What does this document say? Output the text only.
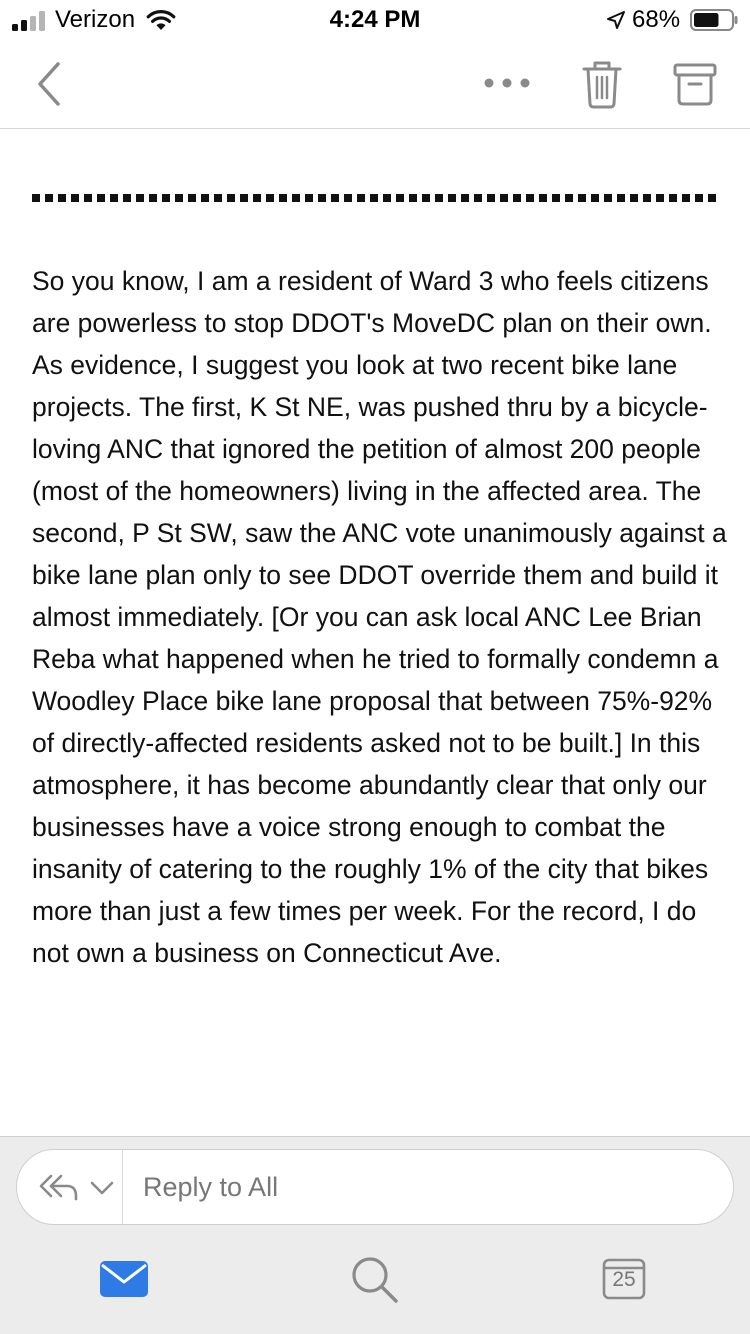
Verizon	4:24 PM	68%
So you know, I am a resident of Ward 3 who feels citizens are powerless to stop DDOT's MoveDC plan on their own. As evidence, I suggest you look at two recent bike lane projects. The first, K St NE, was pushed thru by a bicycle-loving ANC that ignored the petition of almost 200 people (most of the homeowners) living in the affected area. The second, P St SW, saw the ANC vote unanimously against a bike lane plan only to see DDOT override them and build it almost immediately. [Or you can ask local ANC Lee Brian Reba what happened when he tried to formally condemn a Woodley Place bike lane proposal that between 75%-92% of directly-affected residents asked not to be built.] In this atmosphere, it has become abundantly clear that only our businesses have a voice strong enough to combat the insanity of catering to the roughly 1% of the city that bikes more than just a few times per week. For the record, I do not own a business on Connecticut Ave.
Reply to All
25
